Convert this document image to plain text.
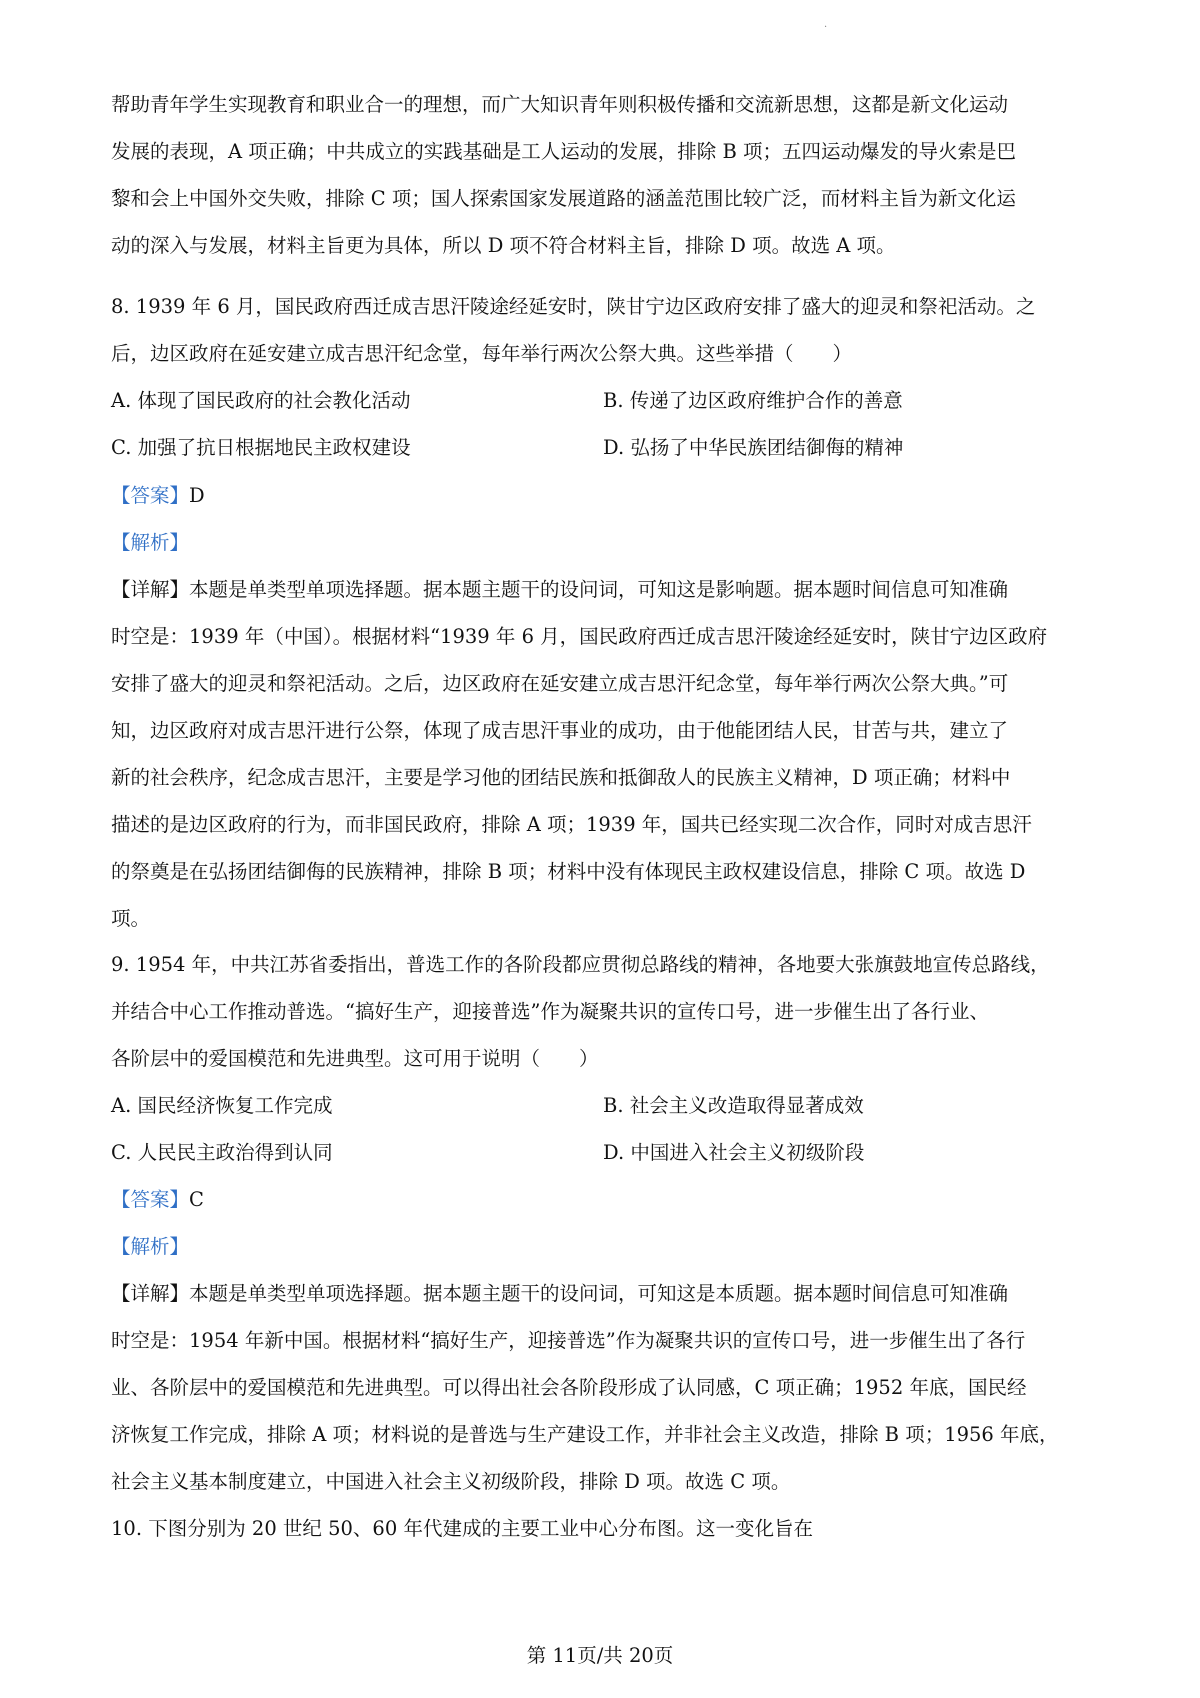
·
帮助青年学生实现教育和职业合一的理想，而广大知识青年则积极传播和交流新思想，这都是新文化运动
发展的表现，A 项正确；中共成立的实践基础是工人运动的发展，排除 B 项；五四运动爆发的导火索是巴
黎和会上中国外交失败，排除 C 项；国人探索国家发展道路的涵盖范围比较广泛，而材料主旨为新文化运
动的深入与发展，材料主旨更为具体，所以 D 项不符合材料主旨，排除 D 项。故选 A 项。
8. 1939 年 6 月，国民政府西迁成吉思汗陵途经延安时，陕甘宁边区政府安排了盛大的迎灵和祭祀活动。之
后，边区政府在延安建立成吉思汗纪念堂，每年举行两次公祭大典。这些举措（　　）
A. 体现了国民政府的社会教化活动	B. 传递了边区政府维护合作的善意
C. 加强了抗日根据地民主政权建设	D. 弘扬了中华民族团结御侮的精神
【答案】D
【解析】
【详解】本题是单类型单项选择题。据本题主题干的设问词，可知这是影响题。据本题时间信息可知准确
时空是：1939 年（中国）。根据材料“1939 年 6 月，国民政府西迁成吉思汗陵途经延安时，陕甘宁边区政府
安排了盛大的迎灵和祭祀活动。之后，边区政府在延安建立成吉思汗纪念堂，每年举行两次公祭大典。”可
知，边区政府对成吉思汗进行公祭，体现了成吉思汗事业的成功，由于他能团结人民，甘苦与共，建立了
新的社会秩序，纪念成吉思汗，主要是学习他的团结民族和抵御敌人的民族主义精神，D 项正确；材料中
描述的是边区政府的行为，而非国民政府，排除 A 项；1939 年，国共已经实现二次合作，同时对成吉思汗
的祭奠是在弘扬团结御侮的民族精神，排除 B 项；材料中没有体现民主政权建设信息，排除 C 项。故选 D
项。
9. 1954 年，中共江苏省委指出，普选工作的各阶段都应贯彻总路线的精神，各地要大张旗鼓地宣传总路线，
并结合中心工作推动普选。“搞好生产，迎接普选”作为凝聚共识的宣传口号，进一步催生出了各行业、
各阶层中的爱国模范和先进典型。这可用于说明（　　）
A. 国民经济恢复工作完成	B. 社会主义改造取得显著成效
C. 人民民主政治得到认同	D. 中国进入社会主义初级阶段
【答案】C
【解析】
【详解】本题是单类型单项选择题。据本题主题干的设问词，可知这是本质题。据本题时间信息可知准确
时空是：1954 年新中国。根据材料“搞好生产，迎接普选”作为凝聚共识的宣传口号，进一步催生出了各行
业、各阶层中的爱国模范和先进典型。可以得出社会各阶段形成了认同感，C 项正确；1952 年底，国民经
济恢复工作完成，排除 A 项；材料说的是普选与生产建设工作，并非社会主义改造，排除 B 项；1956 年底，
社会主义基本制度建立，中国进入社会主义初级阶段，排除 D 项。故选 C 项。
10. 下图分别为 20 世纪 50、60 年代建成的主要工业中心分布图。这一变化旨在
第 11页/共 20页
